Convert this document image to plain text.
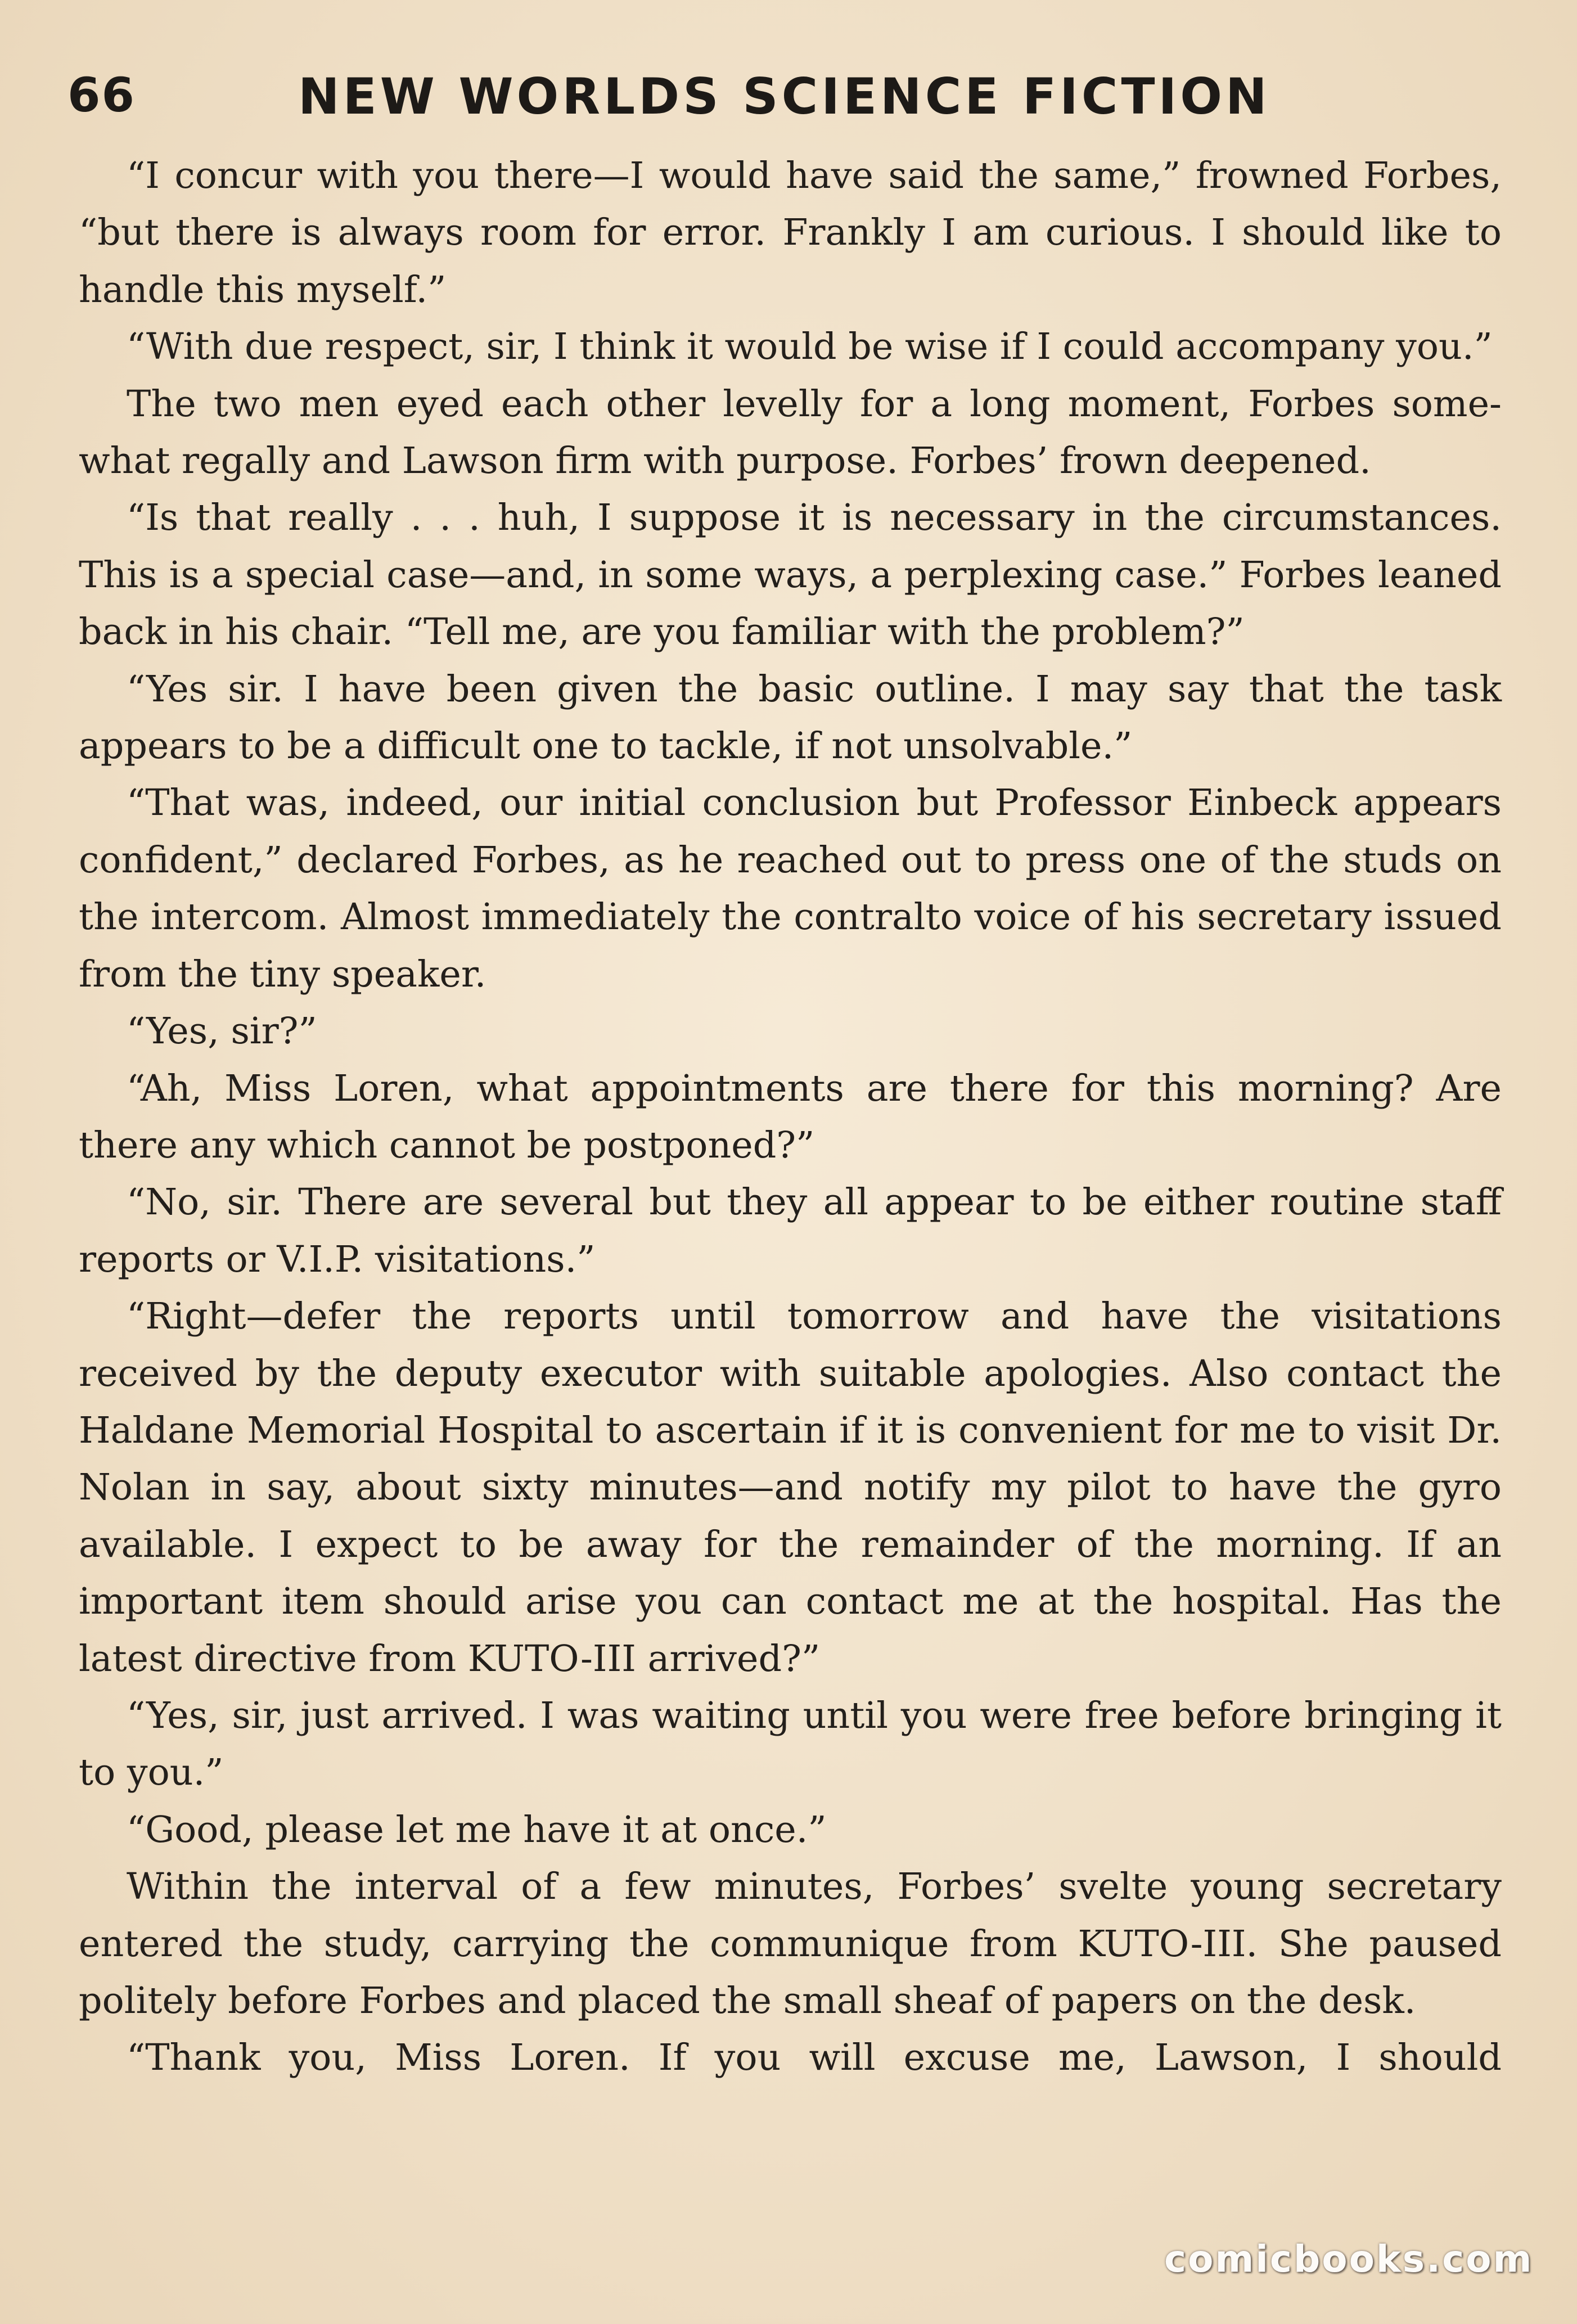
66	NEW WORLDS SCIENCE FICTION

“I concur with you there—I would have said the same,” frowned Forbes, “but there is always room for error. Frankly I am curious. I should like to handle this myself.”

“With due respect, sir, I think it would be wise if I could accompany you.”

The two men eyed each other levelly for a long moment, Forbes somewhat regally and Lawson firm with purpose. Forbes’ frown deepened.

“Is that really . . . huh, I suppose it is necessary in the circumstances. This is a special case—and, in some ways, a perplexing case.” Forbes leaned back in his chair. “Tell me, are you familiar with the problem?”

“Yes sir. I have been given the basic outline. I may say that the task appears to be a difficult one to tackle, if not unsolvable.”

“That was, indeed, our initial conclusion but Professor Einbeck appears confident,” declared Forbes, as he reached out to press one of the studs on the intercom. Almost immediately the contralto voice of his secretary issued from the tiny speaker.

“Yes, sir?”

“Ah, Miss Loren, what appointments are there for this morning? Are there any which cannot be postponed?”

“No, sir. There are several but they all appear to be either routine staff reports or V.I.P. visitations.”

“Right—defer the reports until tomorrow and have the visitations received by the deputy executor with suitable apologies. Also contact the Haldane Memorial Hospital to ascertain if it is convenient for me to visit Dr. Nolan in say, about sixty minutes—and notify my pilot to have the gyro available. I expect to be away for the remainder of the morning. If an important item should arise you can contact me at the hospital. Has the latest directive from KUTO-III arrived?”

“Yes, sir, just arrived. I was waiting until you were free before bringing it to you.”

“Good, please let me have it at once.”

Within the interval of a few minutes, Forbes’ svelte young secretary entered the study, carrying the communique from KUTO-III. She paused politely before Forbes and placed the small sheaf of papers on the desk.

“Thank you, Miss Loren. If you will excuse me, Lawson, I should

comicbooks.com
